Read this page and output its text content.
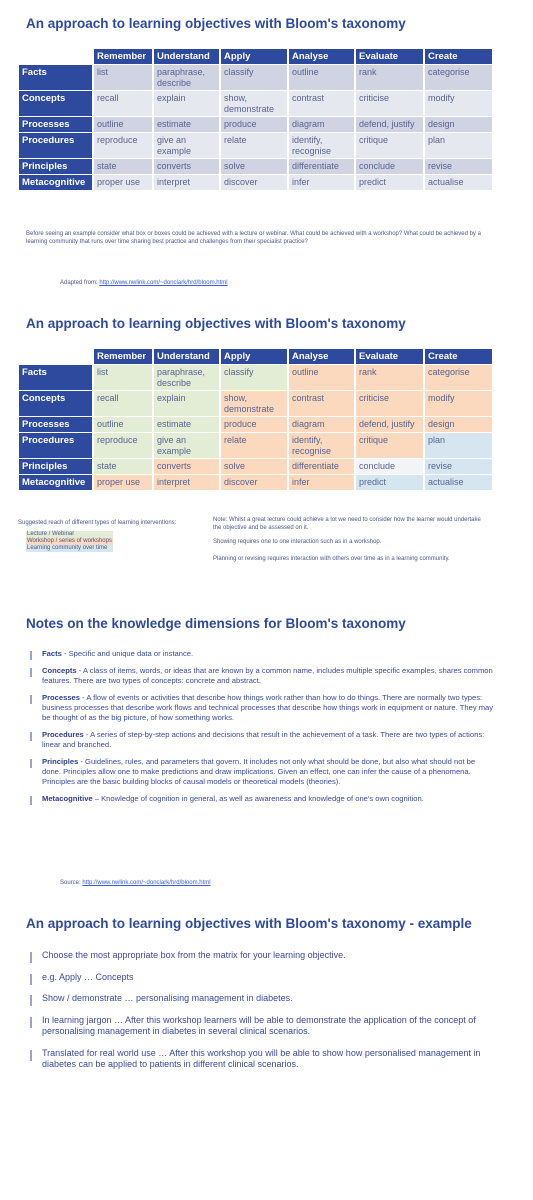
An approach to learning objectives with Bloom's taxonomy
	Remember	Understand	Apply	Analyse	Evaluate	Create
Facts	list	paraphrase, describe	classify	outline	rank	categorise
Concepts	recall	explain	show, demonstrate	contrast	criticise	modify
Processes	outline	estimate	produce	diagram	defend, justify	design
Procedures	reproduce	give an example	relate	identify, recognise	critique	plan
Principles	state	converts	solve	differentiate	conclude	revise
Metacognitive	proper use	interpret	discover	infer	predict	actualise
Before seeing an example consider what box or boxes could be achieved with a lecture or webinar. What could be achieved with a workshop? What could be achieved by a learning community that runs over time sharing best practice and challenges from their specialist practice?
Adapted from: http://www.nwlink.com/~donclark/hrd/bloom.html
An approach to learning objectives with Bloom's taxonomy
	Remember	Understand	Apply	Analyse	Evaluate	Create
Facts	list	paraphrase, describe	classify	outline	rank	categorise
Concepts	recall	explain	show, demonstrate	contrast	criticise	modify
Processes	outline	estimate	produce	diagram	defend, justify	design
Procedures	reproduce	give an example	relate	identify, recognise	critique	plan
Principles	state	converts	solve	differentiate	conclude	revise
Metacognitive	proper use	interpret	discover	infer	predict	actualise
Suggested reach of different types of learning interventions:
Lecture / Webinar
Workshop / series of workshops
Learning community over time
Note: Whilst a great lecture could achieve a lot we need to consider how the learner would undertake the objective and be assessed on it.
Showing requires one to one interaction such as in a workshop.
Planning or revising requires interaction with others over time as in a learning community.
Notes on the knowledge dimensions for Bloom's taxonomy
Facts - Specific and unique data or instance.
Concepts - A class of items, words, or ideas that are known by a common name, includes multiple specific examples, shares common features. There are two types of concepts: concrete and abstract.
Processes - A flow of events or activities that describe how things work rather than how to do things. There are normally two types: business processes that describe work flows and technical processes that describe how things work in equipment or nature. They may be thought of as the big picture, of how something works.
Procedures - A series of step-by-step actions and decisions that result in the achievement of a task. There are two types of actions: linear and branched.
Principles - Guidelines, rules, and parameters that govern. It includes not only what should be done, but also what should not be done. Principles allow one to make predictions and draw implications. Given an effect, one can infer the cause of a phenomena. Principles are the basic building blocks of causal models or theoretical models (theories).
Metacognitive – Knowledge of cognition in general, as well as awareness and knowledge of one's own cognition.
Source: http://www.nwlink.com/~donclark/hrd/bloom.html
An approach to learning objectives with Bloom's taxonomy - example
Choose the most appropriate box from the matrix for your learning objective.
e.g. Apply … Concepts
Show / demonstrate … personalising management in diabetes.
In learning jargon … After this workshop learners will be able to demonstrate the application of the concept of personalising management in diabetes in several clinical scenarios.
Translated for real world use … After this workshop you will be able to show how personalised management in diabetes can be applied to patients in different clinical scenarios.
